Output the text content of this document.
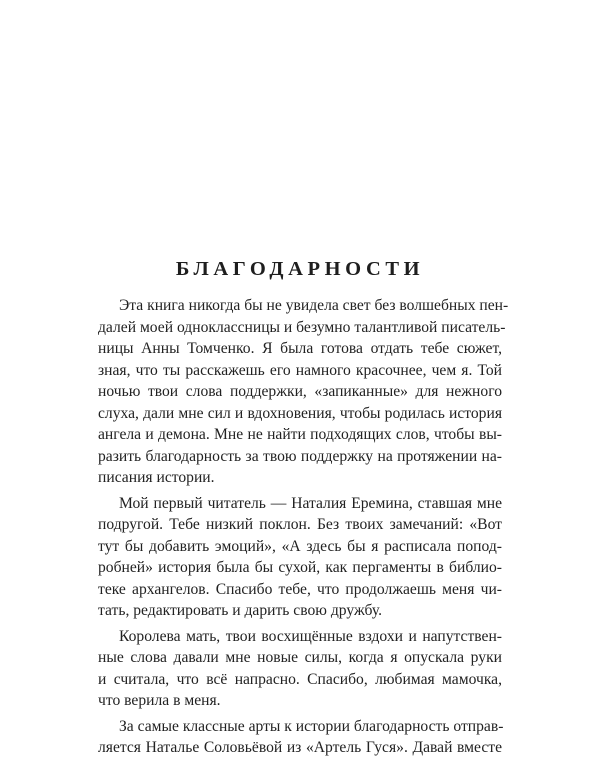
БЛАГОДАРНОСТИ
Эта книга никогда бы не увидела свет без волшебных пен-
далей моей одноклассницы и безумно талантливой писатель-
ницы Анны Томченко. Я была готова отдать тебе сюжет,
зная, что ты расскажешь его намного красочнее, чем я. Той
ночью твои слова поддержки, «запиканные» для нежного
слуха, дали мне сил и вдохновения, чтобы родилась история
ангела и демона. Мне не найти подходящих слов, чтобы вы-
разить благодарность за твою поддержку на протяжении на-
писания истории.
Мой первый читатель — Наталия Еремина, ставшая мне
подругой. Тебе низкий поклон. Без твоих замечаний: «Вот
тут бы добавить эмоций», «А здесь бы я расписала попод-
робней» история была бы сухой, как пергаменты в библио-
теке архангелов. Спасибо тебе, что продолжаешь меня чи-
тать, редактировать и дарить свою дружбу.
Королева мать, твои восхищённые вздохи и напутствен-
ные слова давали мне новые силы, когда я опускала руки
и считала, что всё напрасно. Спасибо, любимая мамочка,
что верила в меня.
За самые классные арты к истории благодарность отправ-
ляется Наталье Соловьёвой из «Артель Гуся». Давай вместе
